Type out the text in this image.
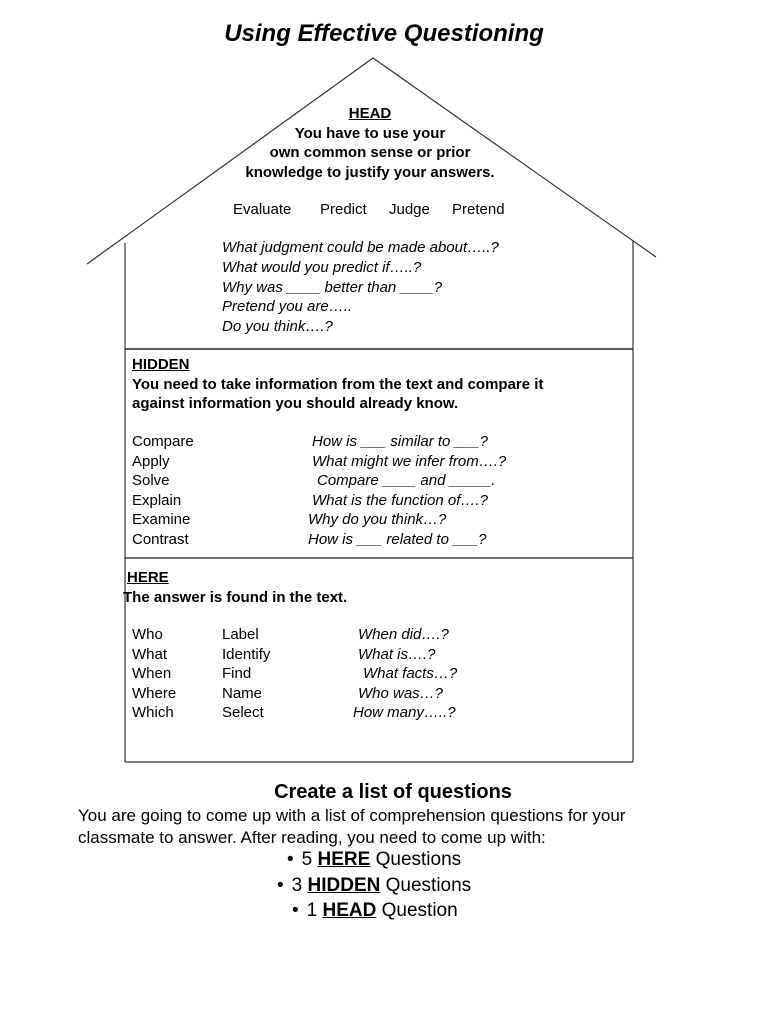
Using Effective Questioning
HEAD
You have to use your
own common sense or prior
knowledge to justify your answers.
Evaluate Predict Judge Pretend
What judgment could be made about…..?
What would you predict if…..?
Why was ____ better than ____?
Pretend you are…..
Do you think….?
HIDDEN
You need to take information from the text and compare it
against information you should already know.
Compare
Apply
Solve
Explain
Examine
Contrast
How is ___ similar to ___?
What might we infer from….?
Compare ____ and _____.
What is the function of….?
Why do you think…?
How is ___ related to ___?
HERE
The answer is found in the text.
Who
What
When
Where
Which
Label
Identify
Find
Name
Select
When did….?
What is….?
What facts…?
Who was…?
How many…..?
Create a list of questions
You are going to come up with a list of comprehension questions for your
classmate to answer. After reading, you need to come up with:
• 5 HERE Questions
• 3 HIDDEN Questions
• 1 HEAD Question
